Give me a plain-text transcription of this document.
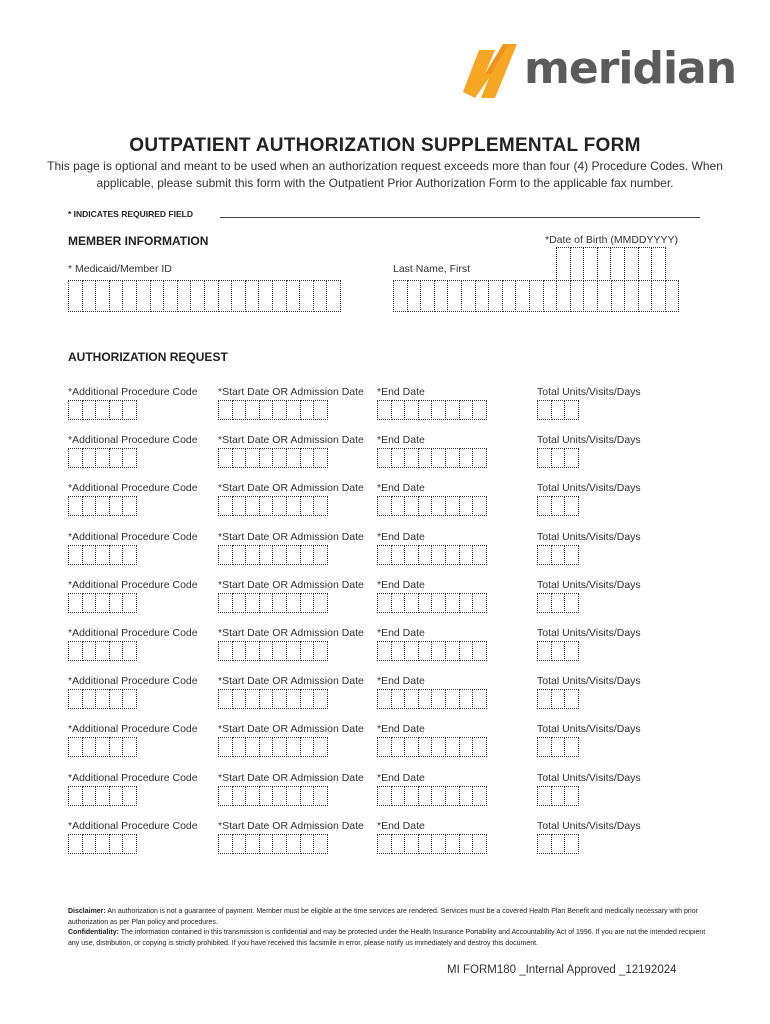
meridian
OUTPATIENT AUTHORIZATION SUPPLEMENTAL FORM
This page is optional and meant to be used when an authorization request exceeds more than four (4) Procedure Codes. When
applicable, please submit this form with the Outpatient Prior Authorization Form to the applicable fax number.
* INDICATES REQUIRED FIELD
MEMBER INFORMATION	*Date of Birth (MMDDYYYY)
* Medicaid/Member ID	Last Name, First
AUTHORIZATION REQUEST
*Additional Procedure Code *Start Date OR Admission Date *End Date	Total Units/Visits/Days
*Additional Procedure Code *Start Date OR Admission Date *End Date	Total Units/Visits/Days
*Additional Procedure Code *Start Date OR Admission Date *End Date	Total Units/Visits/Days
*Additional Procedure Code *Start Date OR Admission Date *End Date	Total Units/Visits/Days
*Additional Procedure Code *Start Date OR Admission Date *End Date	Total Units/Visits/Days
*Additional Procedure Code *Start Date OR Admission Date *End Date	Total Units/Visits/Days
*Additional Procedure Code *Start Date OR Admission Date *End Date	Total Units/Visits/Days
*Additional Procedure Code *Start Date OR Admission Date *End Date	Total Units/Visits/Days
*Additional Procedure Code *Start Date OR Admission Date *End Date	Total Units/Visits/Days
*Additional Procedure Code *Start Date OR Admission Date *End Date	Total Units/Visits/Days
Disclaimer: An authorization is not a guarantee of payment. Member must be eligible at the time services are rendered. Services must be a covered Health Plan Benefit and medically necessary with prior authorization as per Plan policy and procedures.
Confidentiality: The information contained in this transmission is confidential and may be protected under the Health Insurance Portability and Accountability Act of 1996. If you are not the intended recipient any use, distribution, or copying is strictly prohibited. If you have received this facsimile in error, please notify us immediately and destroy this document.
MI FORM180 _Internal Approved _12192024
